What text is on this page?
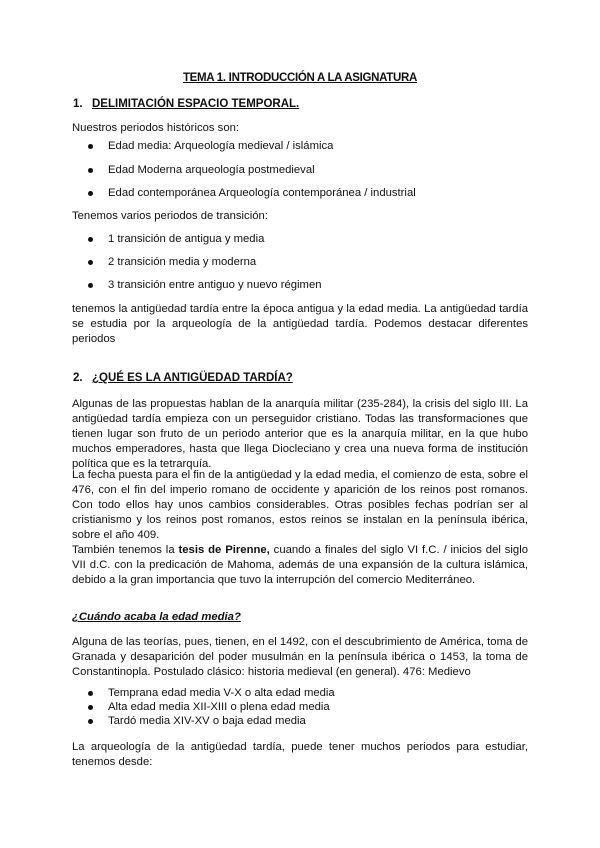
TEMA 1. INTRODUCCIÓN A LA ASIGNATURA
1. DELIMITACIÓN ESPACIO TEMPORAL.
Nuestros periodos históricos son:
Edad media: Arqueología medieval / islámica
Edad Moderna arqueología postmedieval
Edad contemporánea Arqueología contemporánea / industrial
Tenemos varios periodos de transición:
1 transición de antigua y media
2 transición media y moderna
3 transición entre antiguo y nuevo régimen

tenemos la antigüedad tardía entre la época antigua y la edad media. La antigüedad tardía se estudia por la arqueología de la antigüedad tardía. Podemos destacar diferentes periodos

2. ¿QUÉ ES LA ANTIGÜEDAD TARDÍA?

Algunas de las propuestas hablan de la anarquía militar (235-284), la crisis del siglo III. La antigüedad tardía empieza con un perseguidor cristiano. Todas las transformaciones que tienen lugar son fruto de un periodo anterior que es la anarquía militar, en la que hubo muchos emperadores, hasta que llega Diocleciano y crea una nueva forma de institución política que es la tetrarquía.

La fecha puesta para el fin de la antigüedad y la edad media, el comienzo de esta, sobre el 476, con el fin del imperio romano de occidente y aparición de los reinos post romanos. Con todo ellos hay unos cambios considerables. Otras posibles fechas podrían ser al cristianismo y los reinos post romanos, estos reinos se instalan en la península ibérica, sobre el año 409.

También tenemos la tesis de Pirenne, cuando a finales del siglo VI f.C. / inicios del siglo VII d.C. con la predicación de Mahoma, además de una expansión de la cultura islámica, debido a la gran importancia que tuvo la interrupción del comercio Mediterráneo.

¿Cuándo acaba la edad media?

Alguna de las teorías, pues, tienen, en el 1492, con el descubrimiento de América, toma de Granada y desaparición del poder musulmán en la península ibérica o 1453, la toma de Constantinopla. Postulado clásico: historia medieval (en general). 476: Medievo

Temprana edad media V-X o alta edad media
Alta edad media XII-XIII o plena edad media
Tardó media XIV-XV o baja edad media

La arqueología de la antigüedad tardía, puede tener muchos periodos para estudiar, tenemos desde:
